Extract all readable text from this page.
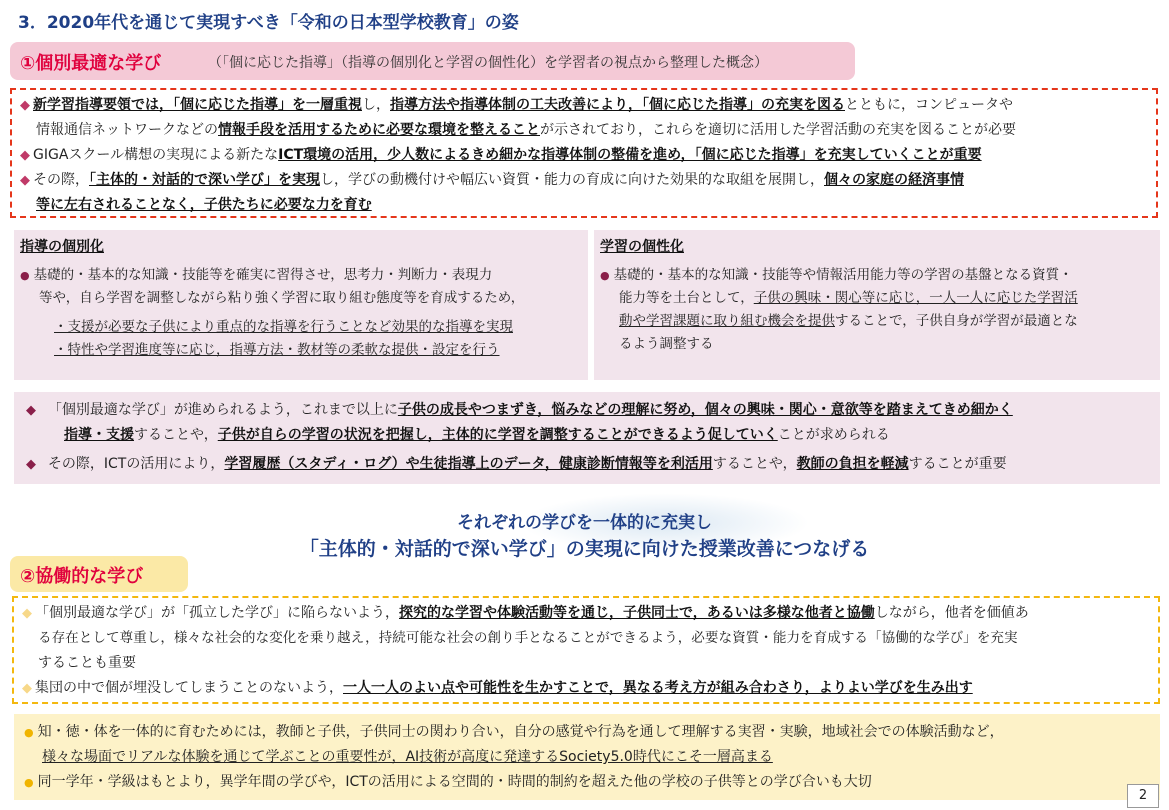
3．2020年代を通じて実現すべき「令和の日本型学校教育」の姿
①個別最適な学び	（「個に応じた指導」（指導の個別化と学習の個性化）を学習者の視点から整理した概念）
◆ 新学習指導要領では，「個に応じた指導」を一層重視し，指導方法や指導体制の工夫改善により，「個に応じた指導」の充実を図るとともに，コンピュータや
情報通信ネットワークなどの情報手段を活用するために必要な環境を整えることが示されており，これらを適切に活用した学習活動の充実を図ることが必要
◆ GIGAスクール構想の実現による新たなICT環境の活用，少人数によるきめ細かな指導体制の整備を進め，「個に応じた指導」を充実していくことが重要
◆ その際，「主体的・対話的で深い学び」を実現し，学びの動機付けや幅広い資質・能力の育成に向けた効果的な取組を展開し，個々の家庭の経済事情
等に左右されることなく，子供たちに必要な力を育む
指導の個別化
● 基礎的・基本的な知識・技能等を確実に習得させ，思考力・判断力・表現力
等や，自ら学習を調整しながら粘り強く学習に取り組む態度等を育成するため，
・支援が必要な子供により重点的な指導を行うことなど効果的な指導を実現
・特性や学習進度等に応じ，指導方法・教材等の柔軟な提供・設定を行う
学習の個性化
● 基礎的・基本的な知識・技能等や情報活用能力等の学習の基盤となる資質・
能力等を土台として，子供の興味・関心等に応じ，一人一人に応じた学習活
動や学習課題に取り組む機会を提供することで，子供自身が学習が最適とな
るよう調整する
◆ 「個別最適な学び」が進められるよう，これまで以上に子供の成長やつまずき，悩みなどの理解に努め，個々の興味・関心・意欲等を踏まえてきめ細かく
指導・支援することや，子供が自らの学習の状況を把握し，主体的に学習を調整することができるよう促していくことが求められる
◆ その際，ICTの活用により，学習履歴（スタディ・ログ）や生徒指導上のデータ，健康診断情報等を利活用することや，教師の負担を軽減することが重要
それぞれの学びを一体的に充実し
「主体的・対話的で深い学び」の実現に向けた授業改善につなげる
②協働的な学び
◆ 「個別最適な学び」が「孤立した学び」に陥らないよう，探究的な学習や体験活動等を通じ，子供同士で，あるいは多様な他者と協働しながら，他者を価値あ
る存在として尊重し，様々な社会的な変化を乗り越え，持続可能な社会の創り手となることができるよう，必要な資質・能力を育成する「協働的な学び」を充実
することも重要
◆ 集団の中で個が埋没してしまうことのないよう，一人一人のよい点や可能性を生かすことで，異なる考え方が組み合わさり，よりよい学びを生み出す
● 知・徳・体を一体的に育むためには，教師と子供，子供同士の関わり合い，自分の感覚や行為を通して理解する実習・実験，地域社会での体験活動など，
様々な場面でリアルな体験を通じて学ぶことの重要性が，AI技術が高度に発達するSociety5.0時代にこそ一層高まる
● 同一学年・学級はもとより，異学年間の学びや，ICTの活用による空間的・時間的制約を超えた他の学校の子供等との学び合いも大切
2
